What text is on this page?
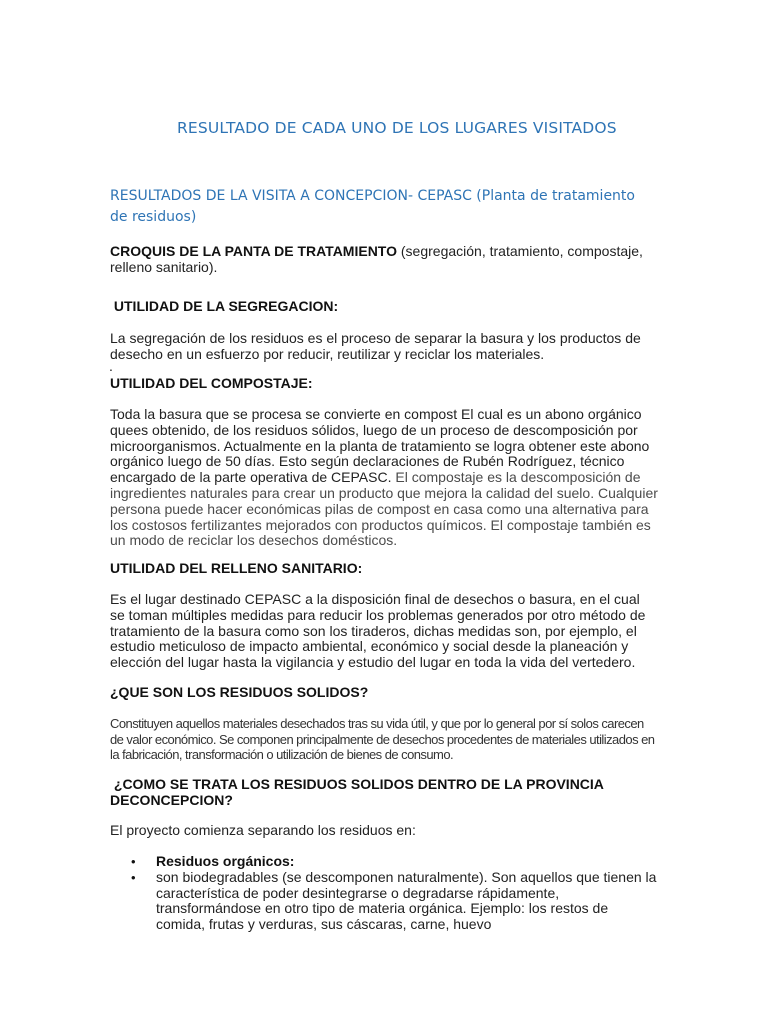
RESULTADO DE CADA UNO DE LOS LUGARES VISITADOS
RESULTADOS DE LA VISITA A CONCEPCION- CEPASC (Planta de tratamiento de residuos)
CROQUIS DE LA PANTA DE TRATAMIENTO (segregación, tratamiento, compostaje, relleno sanitario).
UTILIDAD DE LA SEGREGACION:
La segregación de los residuos es el proceso de separar la basura y los productos de desecho en un esfuerzo por reducir, reutilizar y reciclar los materiales.
.
UTILIDAD DEL COMPOSTAJE:
Toda la basura que se procesa se convierte en compost El cual es un abono orgánico quees obtenido, de los residuos sólidos, luego de un proceso de descomposición por microorganismos. Actualmente en la planta de tratamiento se logra obtener este abono orgánico luego de 50 días. Esto según declaraciones de Rubén Rodríguez, técnico encargado de la parte operativa de CEPASC. El compostaje es la descomposición de ingredientes naturales para crear un producto que mejora la calidad del suelo. Cualquier persona puede hacer económicas pilas de compost en casa como una alternativa para los costosos fertilizantes mejorados con productos químicos. El compostaje también es un modo de reciclar los desechos domésticos.
UTILIDAD DEL RELLENO SANITARIO:
Es el lugar destinado CEPASC a la disposición final de desechos o basura, en el cual se toman múltiples medidas para reducir los problemas generados por otro método de tratamiento de la basura como son los tiraderos, dichas medidas son, por ejemplo, el estudio meticuloso de impacto ambiental, económico y social desde la planeación y elección del lugar hasta la vigilancia y estudio del lugar en toda la vida del vertedero.
¿QUE SON LOS RESIDUOS SOLIDOS?
Constituyen aquellos materiales desechados tras su vida útil, y que por lo general por sí solos carecen de valor económico. Se componen principalmente de desechos procedentes de materiales utilizados en la fabricación, transformación o utilización de bienes de consumo.
¿COMO SE TRATA LOS RESIDUOS SOLIDOS DENTRO DE LA PROVINCIA DECONCEPCION?
El proyecto comienza separando los residuos en:
• Residuos orgánicos:
• son biodegradables (se descomponen naturalmente). Son aquellos que tienen la característica de poder desintegrarse o degradarse rápidamente, transformándose en otro tipo de materia orgánica. Ejemplo: los restos de comida, frutas y verduras, sus cáscaras, carne, huevo
